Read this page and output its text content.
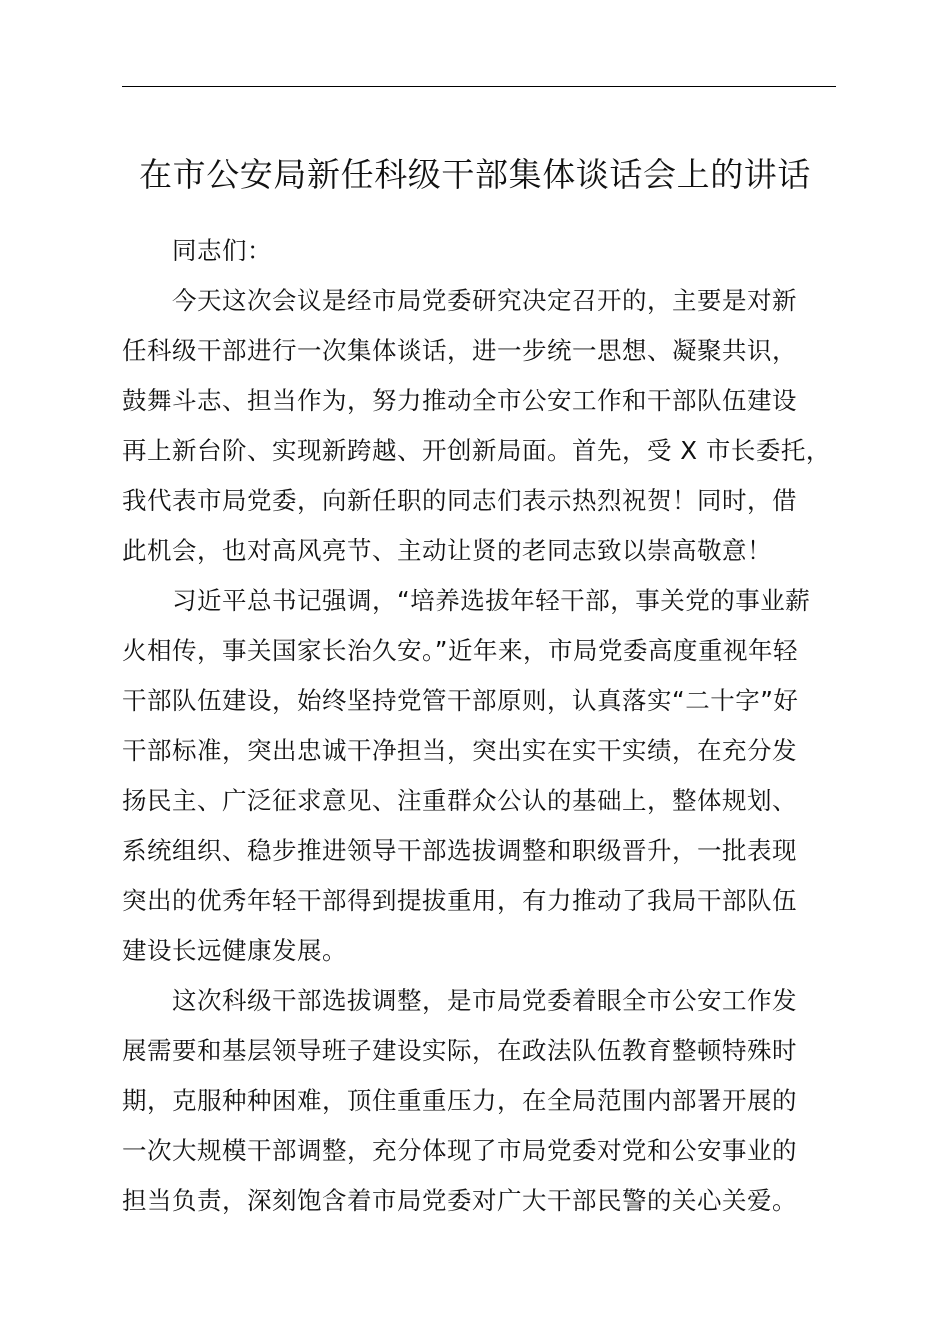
在市公安局新任科级干部集体谈话会上的讲话
同志们：
今天这次会议是经市局党委研究决定召开的，主要是对新
任科级干部进行一次集体谈话，进一步统一思想、凝聚共识，
鼓舞斗志、担当作为，努力推动全市公安工作和干部队伍建设
再上新台阶、实现新跨越、开创新局面。首先，受 X 市长委托，
我代表市局党委，向新任职的同志们表示热烈祝贺！同时，借
此机会，也对高风亮节、主动让贤的老同志致以崇高敬意！
习近平总书记强调，“培养选拔年轻干部，事关党的事业薪
火相传，事关国家长治久安。”近年来，市局党委高度重视年轻
干部队伍建设，始终坚持党管干部原则，认真落实“二十字”好
干部标准，突出忠诚干净担当，突出实在实干实绩，在充分发
扬民主、广泛征求意见、注重群众公认的基础上，整体规划、
系统组织、稳步推进领导干部选拔调整和职级晋升，一批表现
突出的优秀年轻干部得到提拔重用，有力推动了我局干部队伍
建设长远健康发展。
这次科级干部选拔调整，是市局党委着眼全市公安工作发
展需要和基层领导班子建设实际，在政法队伍教育整顿特殊时
期，克服种种困难，顶住重重压力，在全局范围内部署开展的
一次大规模干部调整，充分体现了市局党委对党和公安事业的
担当负责，深刻饱含着市局党委对广大干部民警的关心关爱。
